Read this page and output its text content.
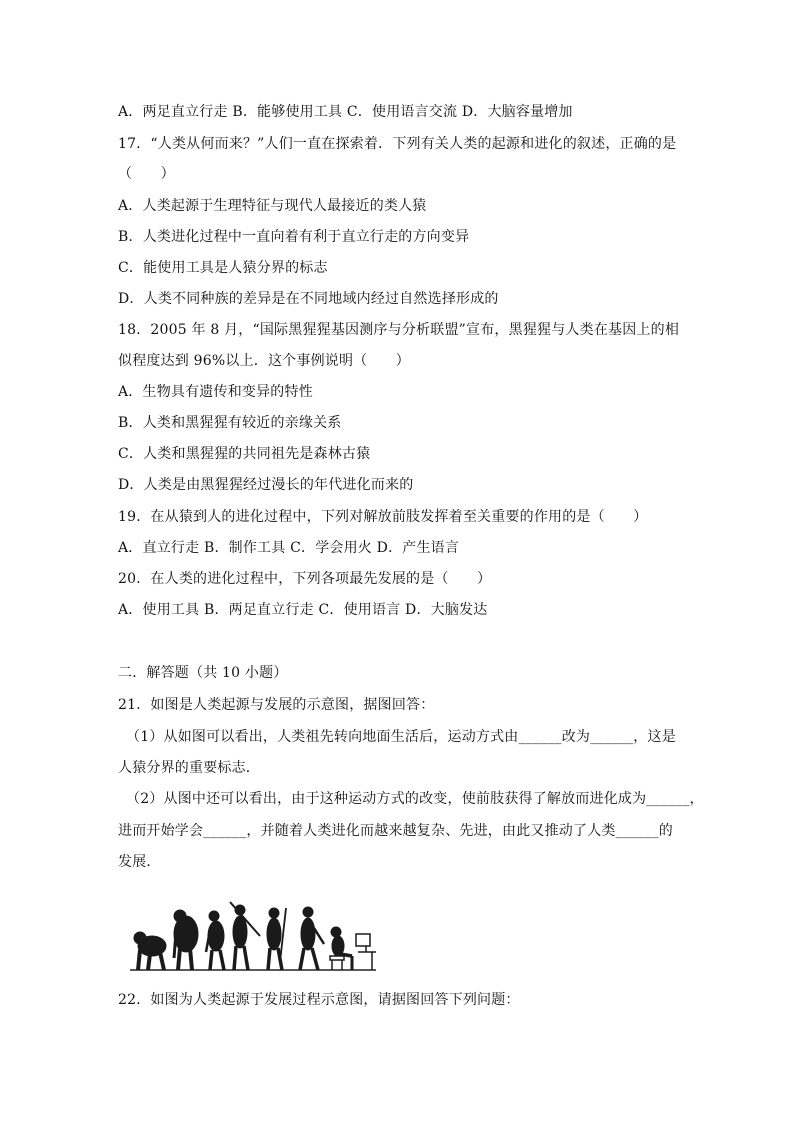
A．两足直立行走 B．能够使用工具 C．使用语言交流 D．大脑容量增加
17．“人类从何而来？”人们一直在探索着．下列有关人类的起源和进化的叙述，正确的是
（　　）
A．人类起源于生理特征与现代人最接近的类人猿
B．人类进化过程中一直向着有利于直立行走的方向变异
C．能使用工具是人猿分界的标志
D．人类不同种族的差异是在不同地域内经过自然选择形成的
18．2005 年 8 月，“国际黑猩猩基因测序与分析联盟”宣布，黑猩猩与人类在基因上的相
似程度达到 96%以上．这个事例说明（　　）
A．生物具有遗传和变异的特性
B．人类和黑猩猩有较近的亲缘关系
C．人类和黑猩猩的共同祖先是森林古猿
D．人类是由黑猩猩经过漫长的年代进化而来的
19．在从猿到人的进化过程中，下列对解放前肢发挥着至关重要的作用的是（　　）
A．直立行走 B．制作工具 C．学会用火 D．产生语言
20．在人类的进化过程中，下列各项最先发展的是（　　）
A．使用工具 B．两足直立行走 C．使用语言 D．大脑发达
二．解答题（共 10 小题）
21．如图是人类起源与发展的示意图，据图回答：
（1）从如图可以看出，人类祖先转向地面生活后，运动方式由______改为______，这是
人猿分界的重要标志．
（2）从图中还可以看出，由于这种运动方式的改变，使前肢获得了解放而进化成为______，
进而开始学会______，并随着人类进化而越来越复杂、先进，由此又推动了人类______的
发展．
22．如图为人类起源于发展过程示意图，请据图回答下列问题：
